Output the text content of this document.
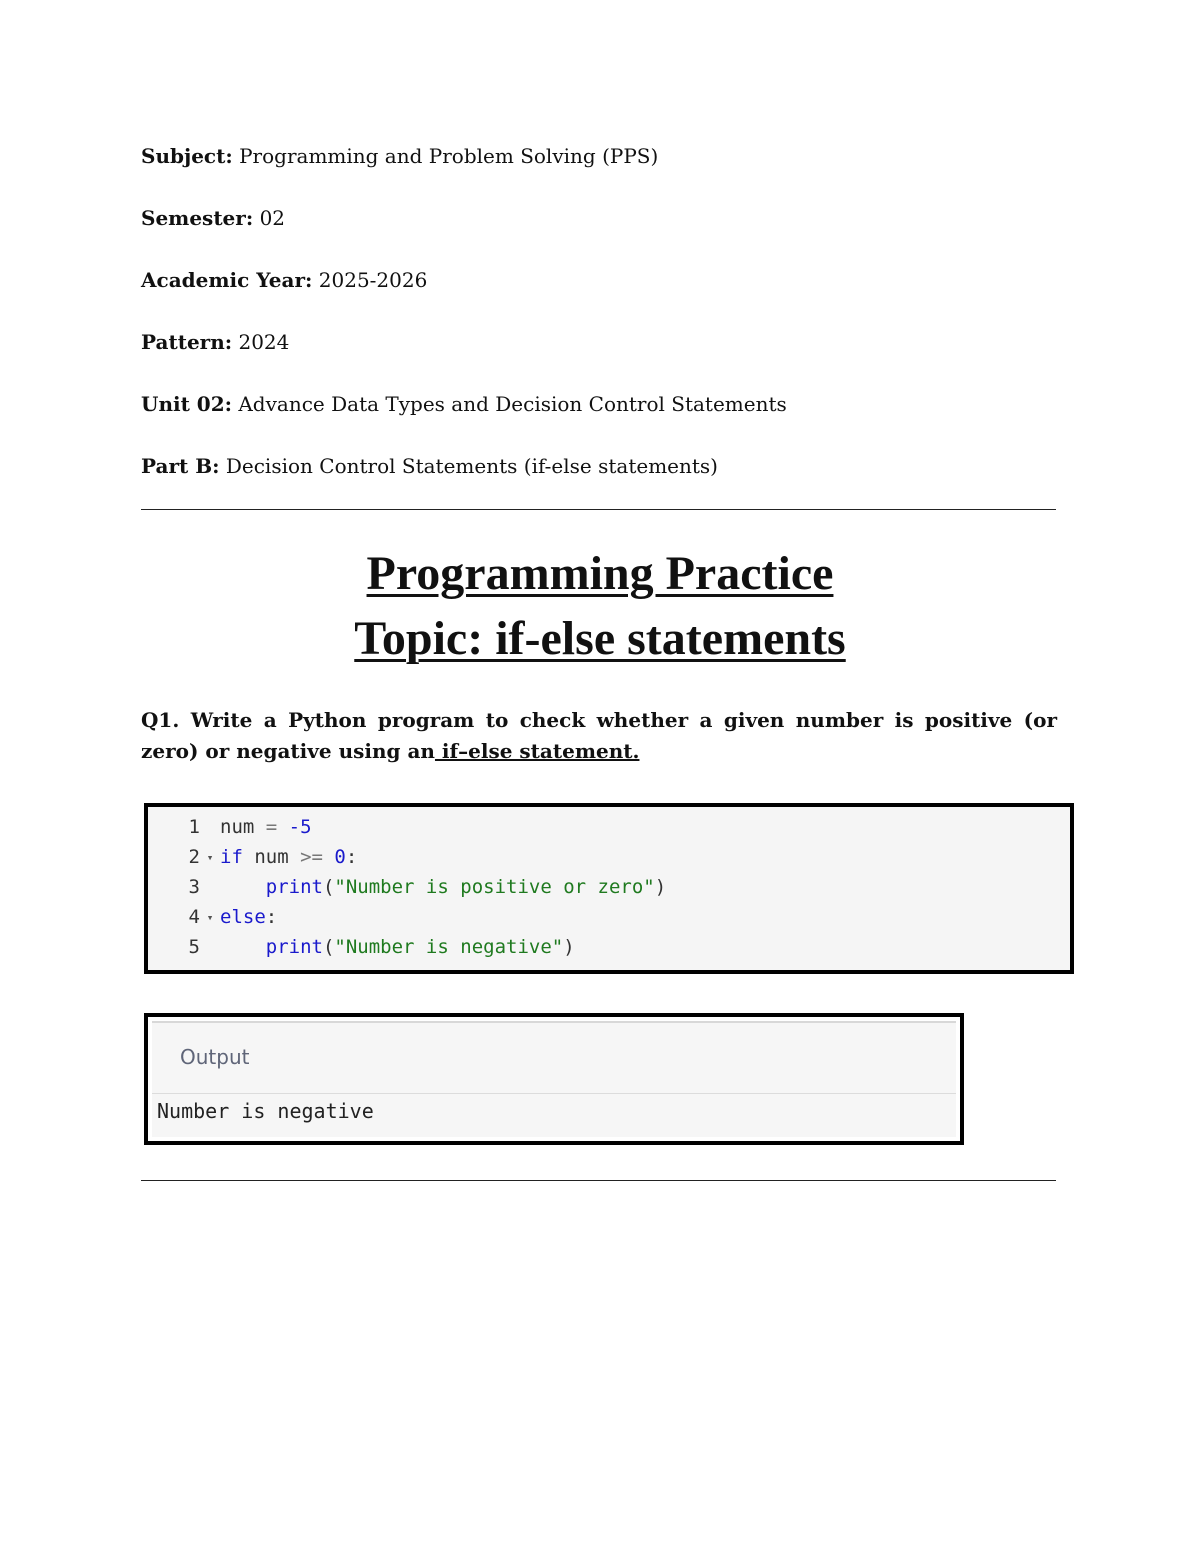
Subject: Programming and Problem Solving (PPS)
Semester: 02
Academic Year: 2025-2026
Pattern: 2024
Unit 02: Advance Data Types and Decision Control Statements
Part B: Decision Control Statements (if-else statements)
Programming Practice
Topic: if-else statements
Q1. Write a Python program to check whether a given number is positive (or zero) or negative using an if–else statement.
1 num = -5
2 ▾ if num >= 0:
3	print("Number is positive or zero")
4 ▾ else:
5	print("Number is negative")
Output
Number is negative
